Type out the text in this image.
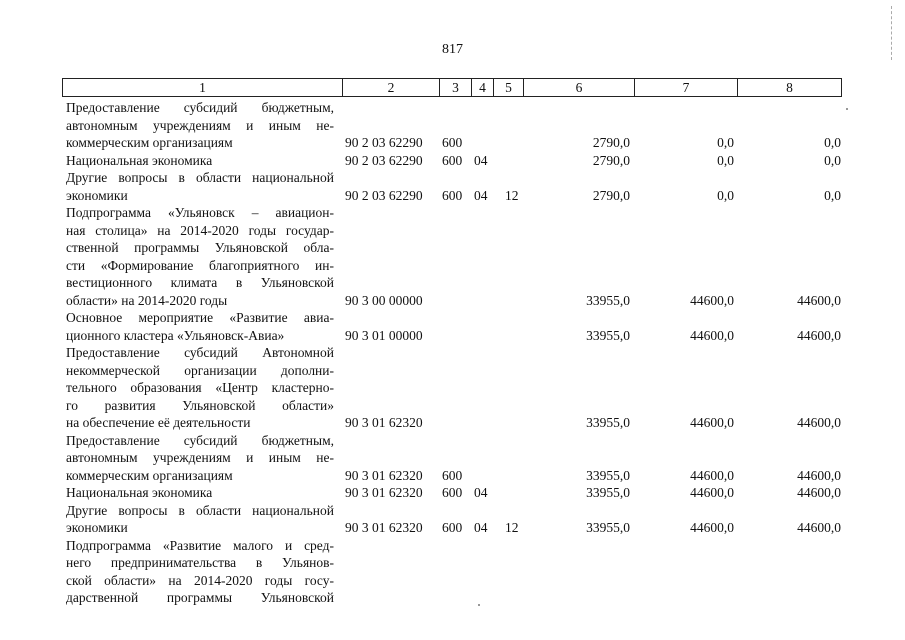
817
1	2	3	4	5	6	7	8
Предоставление субсидий бюджетным,
автономным учреждениям и иным не-
коммерческим организациям	90 2 03 62290 600	2790,0	0,0	0,0
Национальная экономика	90 2 03 62290 600 04	2790,0	0,0	0,0
Другие вопросы в области национальной
экономики	90 2 03 62290 600 04 12	2790,0	0,0	0,0
Подпрограмма «Ульяновск – авиацион-
ная столица» на 2014-2020 годы государ-
ственной программы Ульяновской обла-
сти «Формирование благоприятного ин-
вестиционного климата в Ульяновской
области» на 2014-2020 годы	90 3 00 00000	33955,0	44600,0	44600,0
Основное мероприятие «Развитие авиа-
ционного кластера «Ульяновск-Авиа»	90 3 01 00000	33955,0	44600,0	44600,0
Предоставление субсидий Автономной
некоммерческой организации дополни-
тельного образования «Центр кластерно-
го развития Ульяновской области»
на обеспечение её деятельности	90 3 01 62320	33955,0	44600,0	44600,0
Предоставление субсидий бюджетным,
автономным учреждениям и иным не-
коммерческим организациям	90 3 01 62320 600	33955,0	44600,0	44600,0
Национальная экономика	90 3 01 62320 600 04	33955,0	44600,0	44600,0
Другие вопросы в области национальной
экономики	90 3 01 62320 600 04 12	33955,0	44600,0	44600,0
Подпрограмма «Развитие малого и сред-
него предпринимательства в Ульянов-
ской области» на 2014-2020 годы госу-
дарственной программы Ульяновской
